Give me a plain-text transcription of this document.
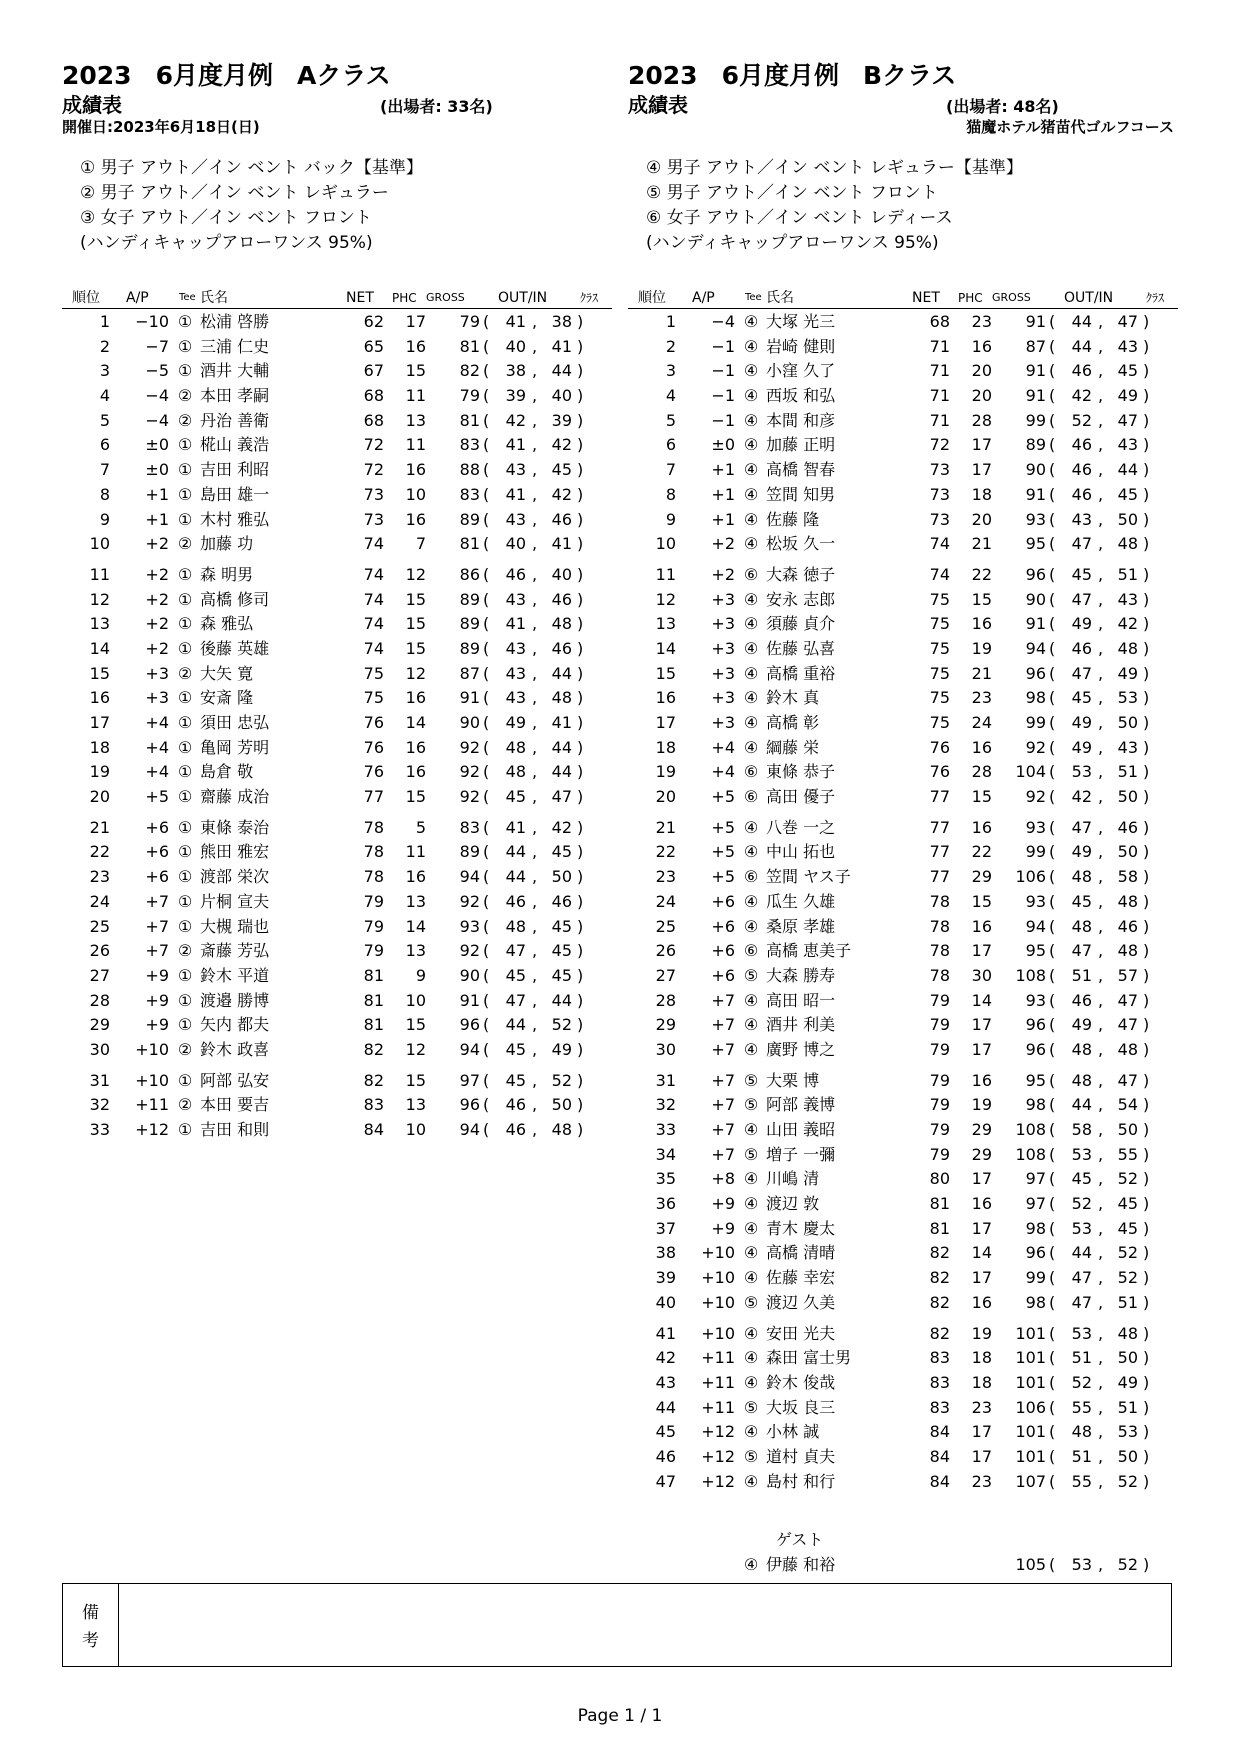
2023 6月度月例 Aクラス
成績表	(出場者: 33名)
開催日:2023年6月18日(日)
① 男子 アウト／イン ベント バック【基準】
② 男子 アウト／イン ベント レギュラー
③ 女子 アウト／イン ベント フロント
(ハンディキャップアローワンス 95%)
2023 6月度月例 Bクラス
成績表	(出場者: 48名)
猫魔ホテル猪苗代ゴルフコース
④ 男子 アウト／イン ベント レギュラー【基準】
⑤ 男子 アウト／イン ベント フロント
⑥ 女子 アウト／イン ベント レディース
(ハンディキャップアローワンス 95%)
順位 A/P	Tee 氏名	NET PHC GROSS OUT/IN	ｸﾗｽ	順位 A/P	Tee 氏名	NET PHC GROSS OUT/IN	ｸﾗｽ
1	−10 ① 松浦 啓勝	62	17	79 (	41 , 38 )
2	−7 ① 三浦 仁史	65	16	81 (	40 , 41 )
3	−5 ① 酒井 大輔	67	15	82 (	38 , 44 )
4	−4 ② 本田 孝嗣	68	11	79 (	39 , 40 )
5	−4 ② 丹治 善衛	68	13	81 (	42 , 39 )
6	±0 ① 椛山 義浩	72	11	83 (	41 , 42 )
7	±0 ① 吉田 利昭	72	16	88 (	43 , 45 )
8	+1 ① 島田 雄一	73	10	83 (	41 , 42 )
9	+1 ① 木村 雅弘	73	16	89 (	43 , 46 )
10	+2 ② 加藤 功	74	7	81 (	40 , 41 )
11	+2 ① 森 明男	74	12	86 (	46 , 40 )
12	+2 ① 高橋 修司	74	15	89 (	43 , 46 )
13	+2 ① 森 雅弘	74	15	89 (	41 , 48 )
14	+2 ① 後藤 英雄	74	15	89 (	43 , 46 )
15	+3 ② 大矢 寛	75	12	87 (	43 , 44 )
16	+3 ① 安斎 隆	75	16	91 (	43 , 48 )
17	+4 ① 須田 忠弘	76	14	90 (	49 , 41 )
18	+4 ① 亀岡 芳明	76	16	92 (	48 , 44 )
19	+4 ① 島倉 敬	76	16	92 (	48 , 44 )
20	+5 ① 齋藤 成治	77	15	92 (	45 , 47 )
21	+6 ① 東條 泰治	78	5	83 (	41 , 42 )
22	+6 ① 熊田 雅宏	78	11	89 (	44 , 45 )
23	+6 ① 渡部 栄次	78	16	94 (	44 , 50 )
24	+7 ① 片桐 宣夫	79	13	92 (	46 , 46 )
25	+7 ① 大槻 瑞也	79	14	93 (	48 , 45 )
26	+7 ② 斎藤 芳弘	79	13	92 (	47 , 45 )
27	+9 ① 鈴木 平道	81	9	90 (	45 , 45 )
28	+9 ① 渡邉 勝博	81	10	91 (	47 , 44 )
29	+9 ① 矢内 都夫	81	15	96 (	44 , 52 )
30	+10 ② 鈴木 政喜	82	12	94 (	45 , 49 )
31	+10 ① 阿部 弘安	82	15	97 (	45 , 52 )
32	+11 ② 本田 要吉	83	13	96 (	46 , 50 )
33	+12 ① 吉田 和則	84	10	94 (	46 , 48 )
1	−4 ④ 大塚 光三	68	23	91 (	44 , 47 )
2	−1 ④ 岩崎 健則	71	16	87 (	44 , 43 )
3	−1 ④ 小窪 久了	71	20	91 (	46 , 45 )
4	−1 ④ 西坂 和弘	71	20	91 (	42 , 49 )
5	−1 ④ 本間 和彦	71	28	99 (	52 , 47 )
6	±0 ④ 加藤 正明	72	17	89 (	46 , 43 )
7	+1 ④ 高橋 智春	73	17	90 (	46 , 44 )
8	+1 ④ 笠間 知男	73	18	91 (	46 , 45 )
9	+1 ④ 佐藤 隆	73	20	93 (	43 , 50 )
10	+2 ④ 松坂 久一	74	21	95 (	47 , 48 )
11	+2 ⑥ 大森 徳子	74	22	96 (	45 , 51 )
12	+3 ④ 安永 志郎	75	15	90 (	47 , 43 )
13	+3 ④ 須藤 貞介	75	16	91 (	49 , 42 )
14	+3 ④ 佐藤 弘喜	75	19	94 (	46 , 48 )
15	+3 ④ 高橋 重裕	75	21	96 (	47 , 49 )
16	+3 ④ 鈴木 真	75	23	98 (	45 , 53 )
17	+3 ④ 高橋 彰	75	24	99 (	49 , 50 )
18	+4 ④ 綱藤 栄	76	16	92 (	49 , 43 )
19	+4 ⑥ 東條 恭子	76	28	104 (	53 , 51 )
20	+5 ⑥ 高田 優子	77	15	92 (	42 , 50 )
21	+5 ④ 八巻 一之	77	16	93 (	47 , 46 )
22	+5 ④ 中山 拓也	77	22	99 (	49 , 50 )
23	+5 ⑥ 笠間 ヤス子	77	29	106 (	48 , 58 )
24	+6 ④ 瓜生 久雄	78	15	93 (	45 , 48 )
25	+6 ④ 桑原 孝雄	78	16	94 (	48 , 46 )
26	+6 ⑥ 高橋 恵美子	78	17	95 (	47 , 48 )
27	+6 ⑤ 大森 勝寿	78	30	108 (	51 , 57 )
28	+7 ④ 高田 昭一	79	14	93 (	46 , 47 )
29	+7 ④ 酒井 利美	79	17	96 (	49 , 47 )
30	+7 ④ 廣野 博之	79	17	96 (	48 , 48 )
31	+7 ⑤ 大栗 博	79	16	95 (	48 , 47 )
32	+7 ⑤ 阿部 義博	79	19	98 (	44 , 54 )
33	+7 ④ 山田 義昭	79	29	108 (	58 , 50 )
34	+7 ⑤ 増子 一彌	79	29	108 (	53 , 55 )
35	+8 ④ 川嶋 清	80	17	97 (	45 , 52 )
36	+9 ④ 渡辺 敦	81	16	97 (	52 , 45 )
37	+9 ④ 青木 慶太	81	17	98 (	53 , 45 )
38	+10 ④ 高橋 清晴	82	14	96 (	44 , 52 )
39	+10 ④ 佐藤 幸宏	82	17	99 (	47 , 52 )
40	+10 ⑤ 渡辺 久美	82	16	98 (	47 , 51 )
41	+10 ④ 安田 光夫	82	19	101 (	53 , 48 )
42	+11 ④ 森田 富士男	83	18	101 (	51 , 50 )
43	+11 ④ 鈴木 俊哉	83	18	101 (	52 , 49 )
44	+11 ⑤ 大坂 良三	83	23	106 (	55 , 51 )
45	+12 ④ 小林 誠	84	17	101 (	48 , 53 )
46	+12 ⑤ 道村 貞夫	84	17	101 (	51 , 50 )
47	+12 ④ 島村 和行	84	23	107 (	55 , 52 )
ゲスト
④ 伊藤 和裕	105 (	53 , 52 )
備
考
Page 1 / 1
